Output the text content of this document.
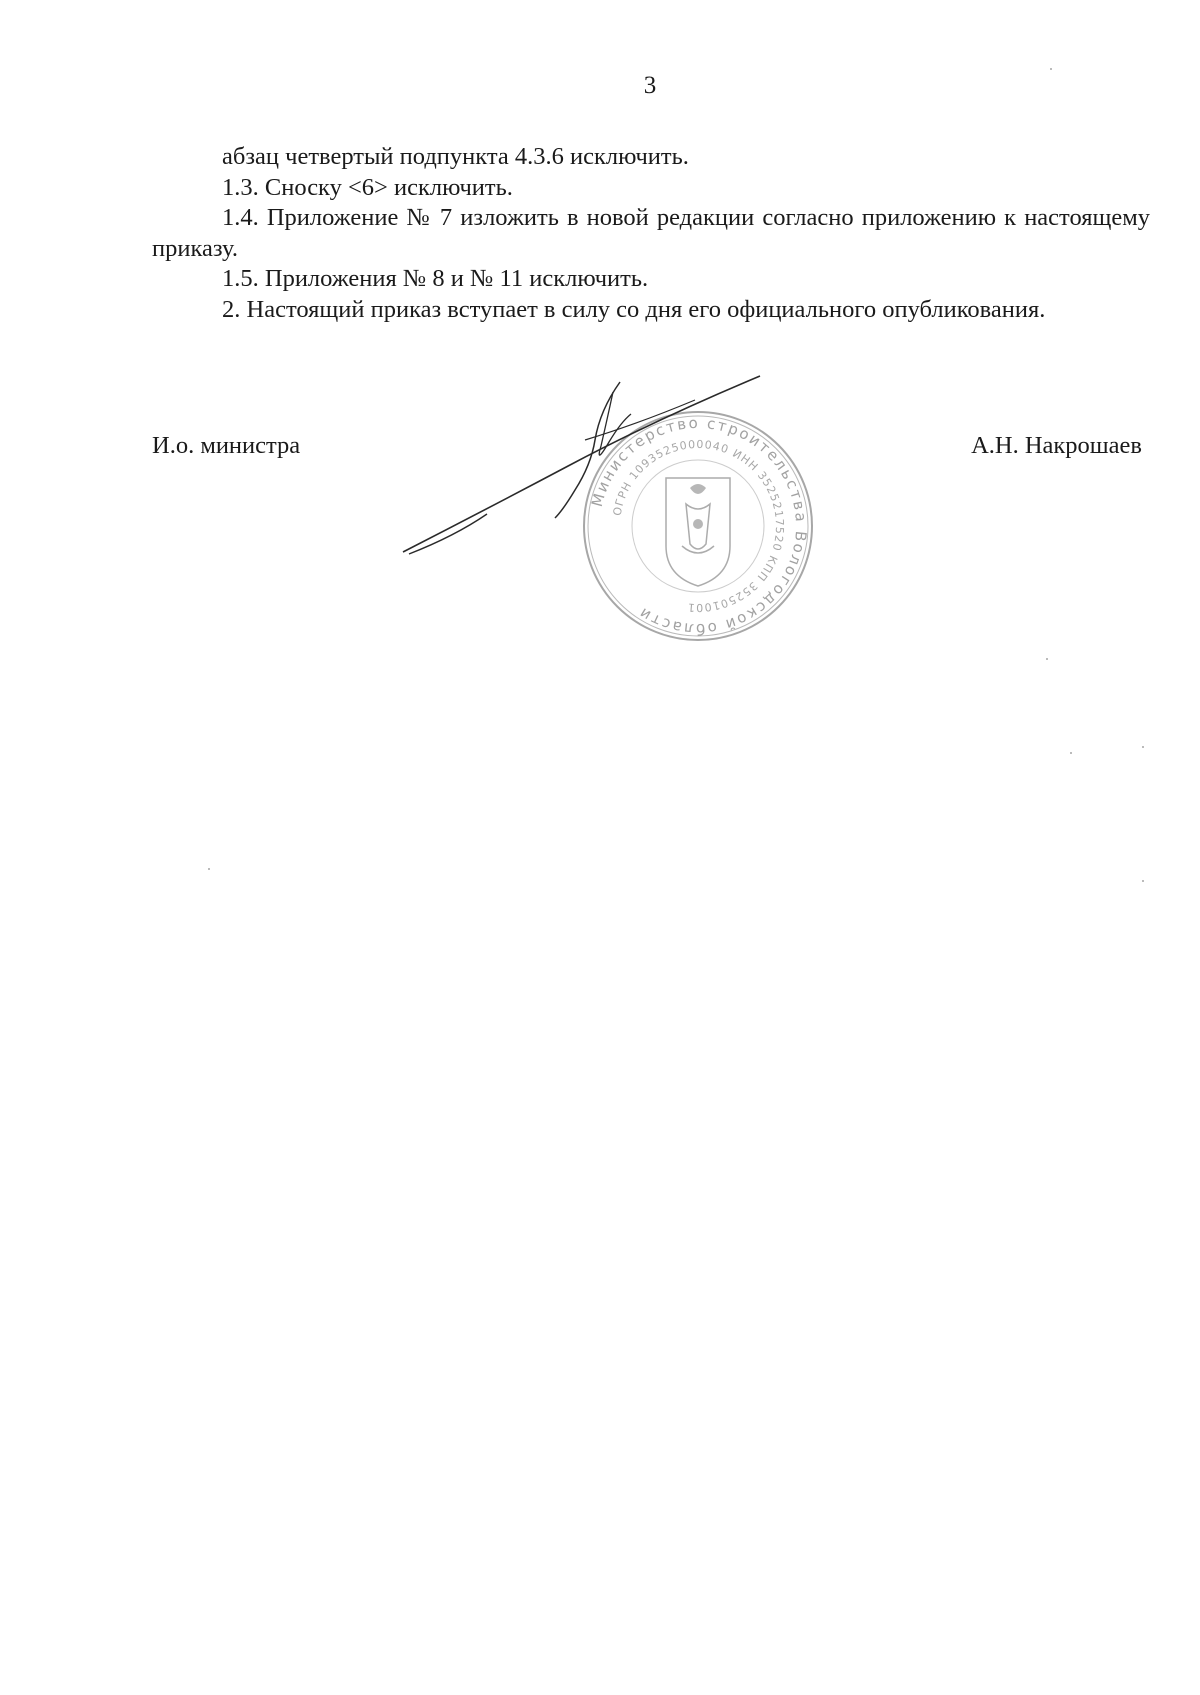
3

абзац четвертый подпункта 4.3.6 исключить.

1.3. Сноску <6> исключить.

1.4. Приложение № 7 изложить в новой редакции согласно приложению к настоящему приказу.

1.5. Приложения № 8 и № 11 исключить.

2. Настоящий приказ вступает в силу со дня его официального опубликования.

И.о. министра	А.Н. Накрошаев
Министерство строительства Вологодской области
ОГРН 1093525000040 ИНН 3525217520 КПП 352501001
